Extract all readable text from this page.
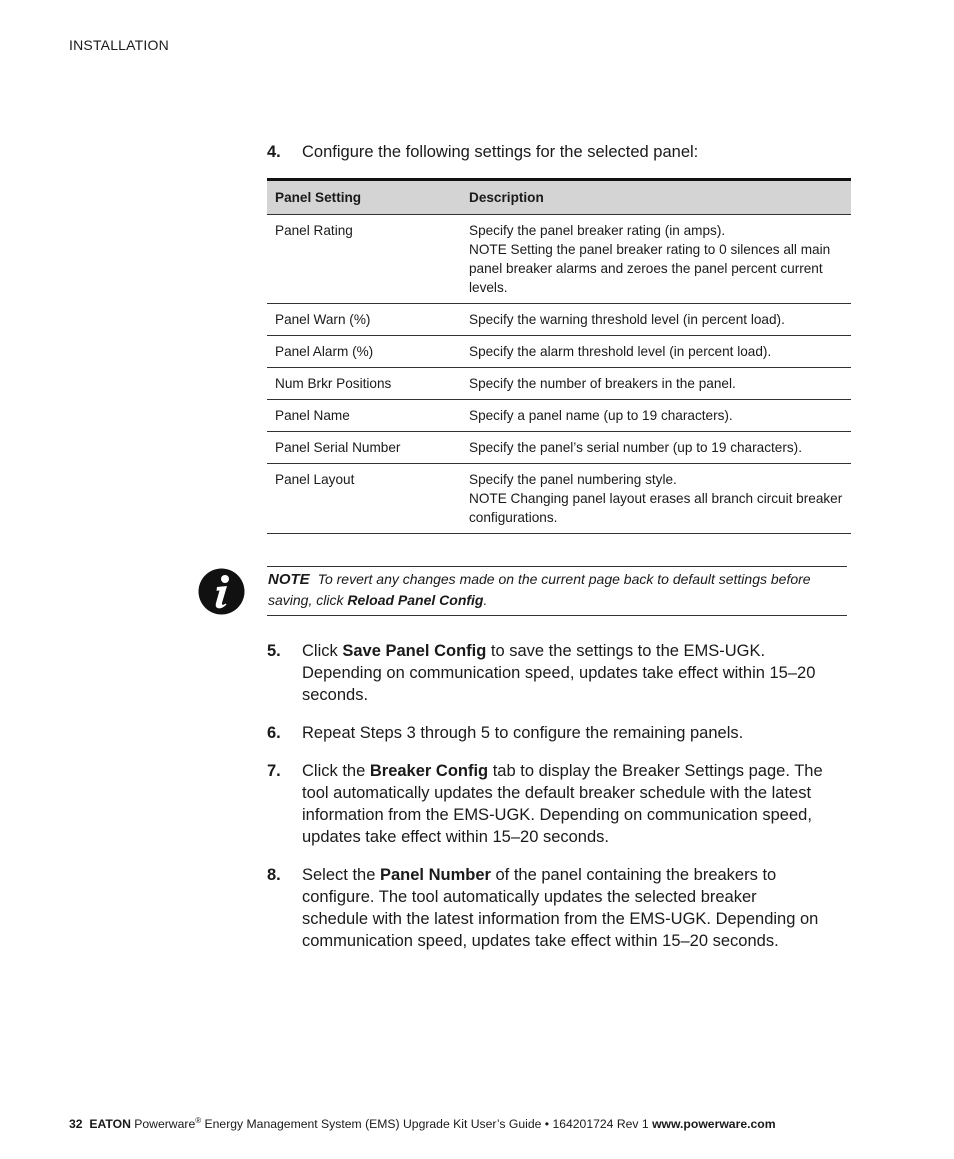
INSTALLATION
4.	Configure the following settings for the selected panel:
Panel Setting	Description
Panel Rating	Specify the panel breaker rating (in amps).
NOTE Setting the panel breaker rating to 0 silences all main panel breaker alarms and zeroes the panel percent current levels.

Panel Warn (%)	Specify the warning threshold level (in percent load).

Panel Alarm (%)	Specify the alarm threshold level (in percent load).

Num Brkr Positions	Specify the number of breakers in the panel.

Panel Name	Specify a panel name (up to 19 characters).

Panel Serial Number	Specify the panel’s serial number (up to 19 characters).

Panel Layout	Specify the panel numbering style.
NOTE Changing panel layout erases all branch circuit breaker configurations.
NOTE To revert any changes made on the current page back to default settings before saving, click Reload Panel Config.
5.	Click Save Panel Config to save the settings to the EMS-UGK. Depending on communication speed, updates take effect within 15–20 seconds.
6.	Repeat Steps 3 through 5 to configure the remaining panels.
7.	Click the Breaker Config tab to display the Breaker Settings page. The tool automatically updates the default breaker schedule with the latest information from the EMS-UGK. Depending on communication speed, updates take effect within 15–20 seconds.
8.	Select the Panel Number of the panel containing the breakers to configure. The tool automatically updates the selected breaker schedule with the latest information from the EMS-UGK. Depending on communication speed, updates take effect within 15–20 seconds.
32 EATON Powerware® Energy Management System (EMS) Upgrade Kit User’s Guide • 164201724 Rev 1 www.powerware.com
